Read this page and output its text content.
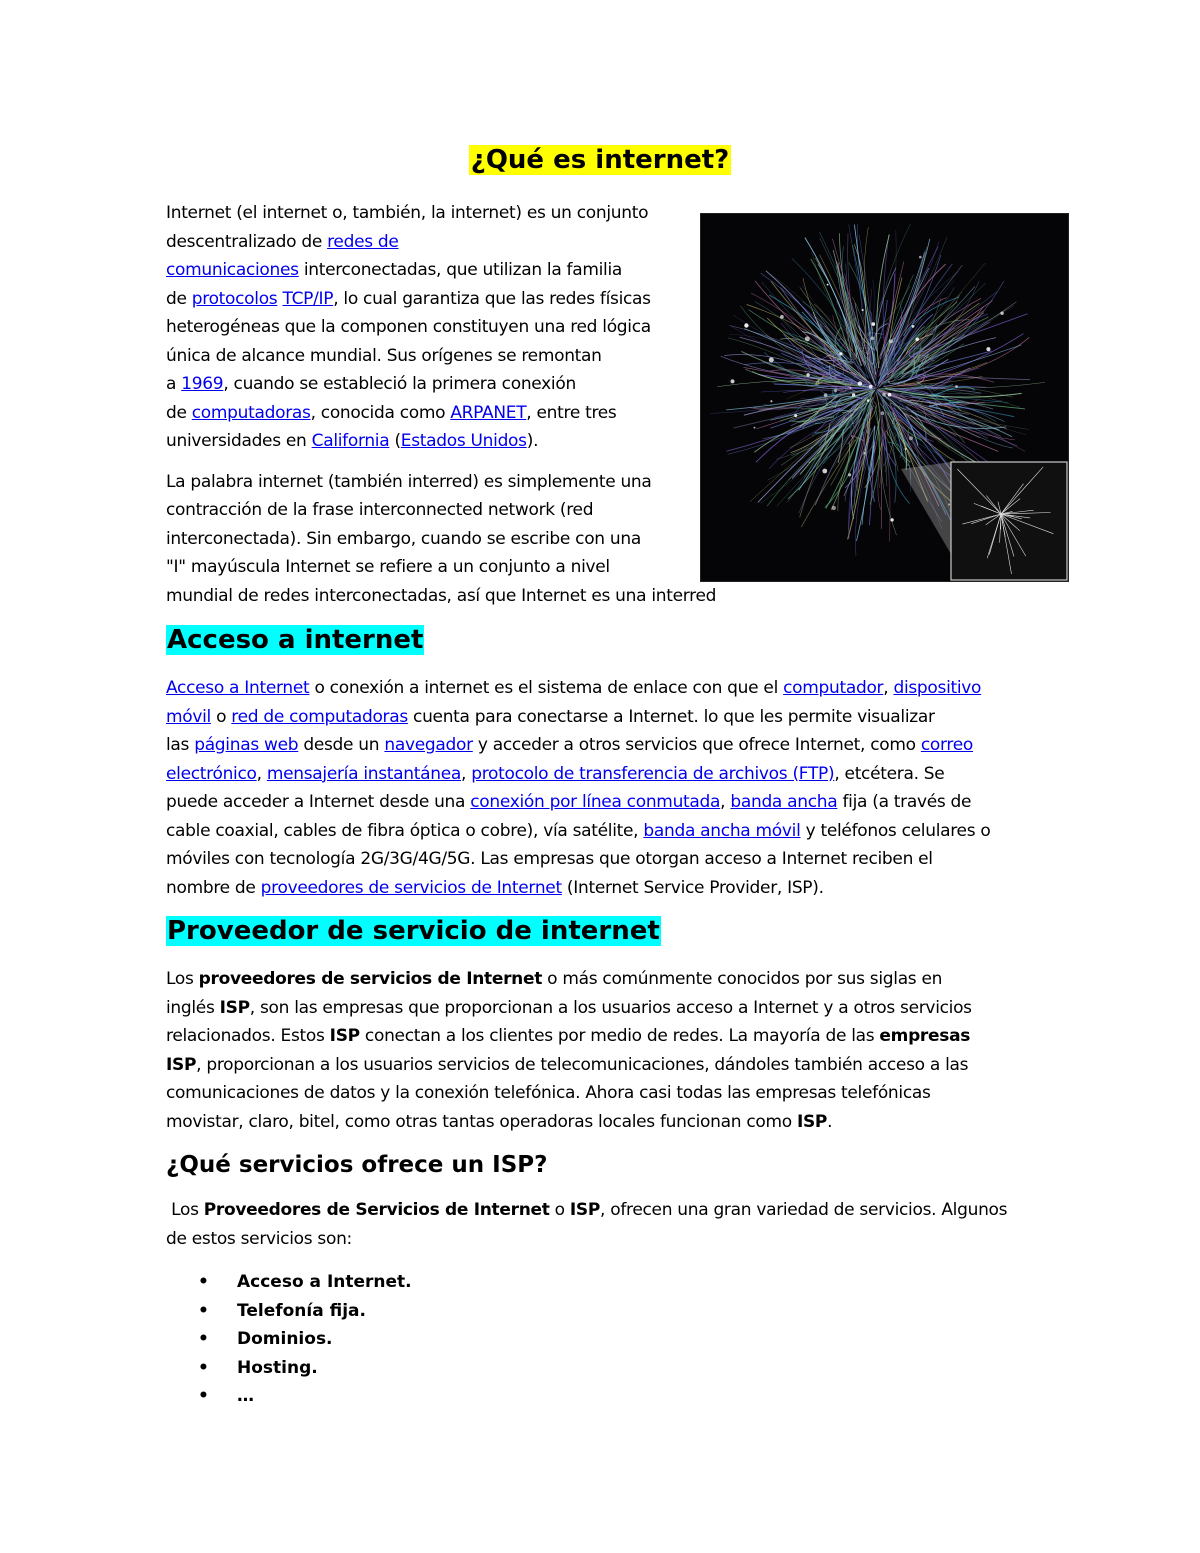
¿Qué es internet?

Internet (el internet o, también, la internet) es un conjunto
descentralizado de redes de
comunicaciones interconectadas, que utilizan la familia
de protocolos TCP/IP, lo cual garantiza que las redes físicas
heterogéneas que la componen constituyen una red lógica
única de alcance mundial. Sus orígenes se remontan
a 1969, cuando se estableció la primera conexión
de computadoras, conocida como ARPANET, entre tres
universidades en California (Estados Unidos).

La palabra internet (también interred) es simplemente una
contracción de la frase interconnected network (red
interconectada). Sin embargo, cuando se escribe con una
"I" mayúscula Internet se refiere a un conjunto a nivel
mundial de redes interconectadas, así que Internet es una interred

Acceso a internet
Acceso a Internet o conexión a internet es el sistema de enlace con que el computador, dispositivo
móvil o red de computadoras cuenta para conectarse a Internet. lo que les permite visualizar
las páginas web desde un navegador y acceder a otros servicios que ofrece Internet, como correo
electrónico, mensajería instantánea, protocolo de transferencia de archivos (FTP), etcétera. Se
puede acceder a Internet desde una conexión por línea conmutada, banda ancha fija (a través de
cable coaxial, cables de fibra óptica o cobre), vía satélite, banda ancha móvil y teléfonos celulares o
móviles con tecnología 2G/3G/4G/5G. Las empresas que otorgan acceso a Internet reciben el
nombre de proveedores de servicios de Internet (Internet Service Provider, ISP).
Proveedor de servicio de internet
Los proveedores de servicios de Internet o más comúnmente conocidos por sus siglas en
inglés ISP, son las empresas que proporcionan a los usuarios acceso a Internet y a otros servicios
relacionados. Estos ISP conectan a los clientes por medio de redes. La mayoría de las empresas
ISP, proporcionan a los usuarios servicios de telecomunicaciones, dándoles también acceso a las
comunicaciones de datos y la conexión telefónica. Ahora casi todas las empresas telefónicas
movistar, claro, bitel, como otras tantas operadoras locales funcionan como ISP.
¿Qué servicios ofrece un ISP?
Los Proveedores de Servicios de Internet o ISP, ofrecen una gran variedad de servicios. Algunos
de estos servicios son:
• Acceso a Internet.
• Telefonía fija.
• Dominios.
• Hosting.
• …
